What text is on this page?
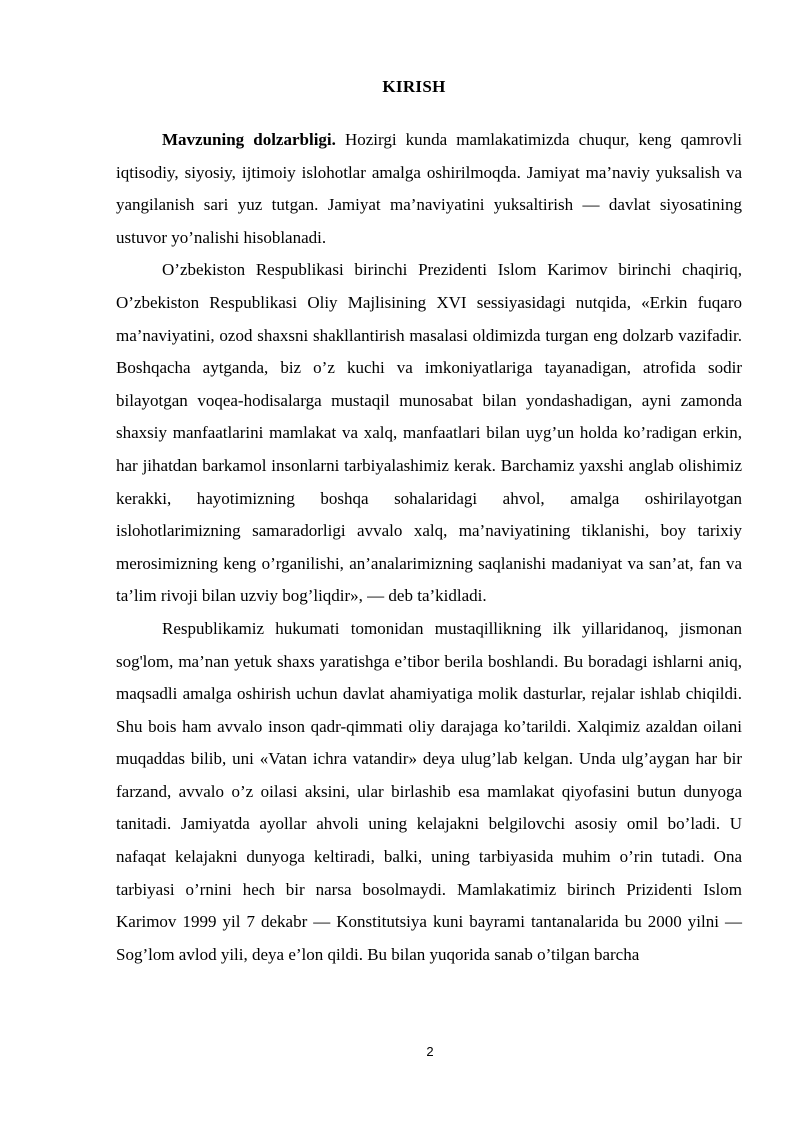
KIRISH

Mavzuning dolzarbligi. Hozirgi kunda mamlakatimizda chuqur, keng qamrovli iqtisodiy, siyosiy, ijtimoiy islohotlar amalga oshirilmoqda. Jamiyat ma’naviy yuksalish va yangilanish sari yuz tutgan. Jamiyat ma’naviyatini yuksaltirish — davlat siyosatining ustuvor yo’nalishi hisoblanadi.

O’zbekiston Respublikasi birinchi Prezidenti Islom Karimov birinchi chaqiriq, O’zbekiston Respublikasi Oliy Majlisining XVI sessiyasidagi nutqida, «Erkin fuqaro ma’naviyatini, ozod shaxsni shakllantirish masalasi oldimizda turgan eng dolzarb vazifadir. Boshqacha aytganda, biz o’z kuchi va imkoniyatlariga tayanadigan, atrofida sodir bilayotgan voqea-hodisalarga mustaqil munosabat bilan yondashadigan, ayni zamonda shaxsiy manfaatlarini mamlakat va xalq, manfaatlari bilan uyg’un holda ko’radigan erkin, har jihatdan barkamol insonlarni tarbiyalashimiz kerak. Barchamiz yaxshi anglab olishimiz kerakki, hayotimizning boshqa sohalaridagi ahvol, amalga oshirilayotgan islohotlarimizning samaradorligi avvalo xalq, ma’naviyatining tiklanishi, boy tarixiy merosimizning keng o’rganilishi, an’analarimizning saqlanishi madaniyat va san’at, fan va ta’lim rivoji bilan uzviy bog’liqdir», — deb ta’kidladi.

Respublikamiz hukumati tomonidan mustaqillikning ilk yillaridanoq, jismonan sog'lom, ma’nan yetuk shaxs yaratishga e’tibor berila boshlandi. Bu boradagi ishlarni aniq, maqsadli amalga oshirish uchun davlat ahamiyatiga molik dasturlar, rejalar ishlab chiqildi. Shu bois ham avvalo inson qadr-qimmati oliy darajaga ko’tarildi. Xalqimiz azaldan oilani muqaddas bilib, uni «Vatan ichra vatandir» deya ulug’lab kelgan. Unda ulg’aygan har bir farzand, avvalo o’z oilasi aksini, ular birlashib esa mamlakat qiyofasini butun dunyoga tanitadi. Jamiyatda ayollar ahvoli uning kelajakni belgilovchi asosiy omil bo’ladi. U nafaqat kelajakni dunyoga keltiradi, balki, uning tarbiyasida muhim o’rin tutadi. Ona tarbiyasi o’rnini hech bir narsa bosolmaydi. Mamlakatimiz birinch Prizidenti Islom Karimov 1999 yil 7 dekabr — Konstitutsiya kuni bayrami tantanalarida bu 2000 yilni — Sog’lom avlod yili, deya e’lon qildi. Bu bilan yuqorida sanab o’tilgan barcha

2
